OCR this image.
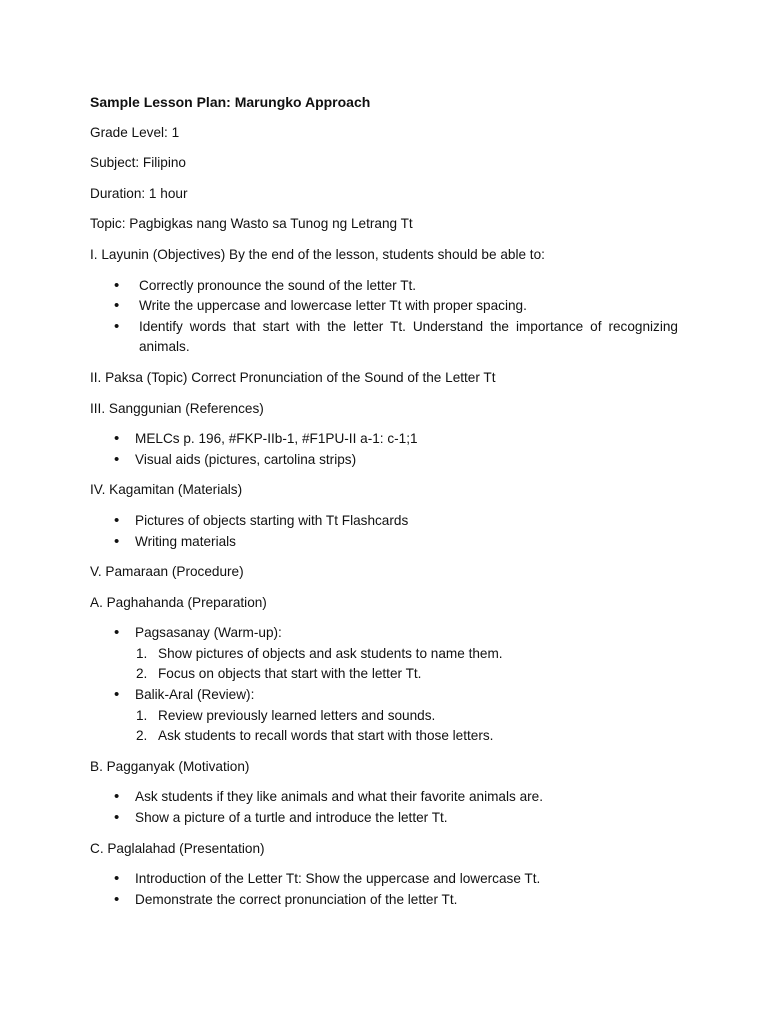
Sample Lesson Plan: Marungko Approach

Grade Level: 1

Subject: Filipino

Duration: 1 hour

Topic: Pagbigkas nang Wasto sa Tunog ng Letrang Tt

I. Layunin (Objectives) By the end of the lesson, students should be able to:

• Correctly pronounce the sound of the letter Tt.
• Write the uppercase and lowercase letter Tt with proper spacing.
• Identify words that start with the letter Tt. Understand the importance of recognizing animals.

II. Paksa (Topic) Correct Pronunciation of the Sound of the Letter Tt

III. Sanggunian (References)

• MELCs p. 196, #FKP-IIb-1, #F1PU-II a-1: c-1;1
• Visual aids (pictures, cartolina strips)

IV. Kagamitan (Materials)

• Pictures of objects starting with Tt Flashcards
• Writing materials

V. Pamaraan (Procedure)

A. Paghahanda (Preparation)

• Pagsasanay (Warm-up):
1. Show pictures of objects and ask students to name them.
2. Focus on objects that start with the letter Tt.
• Balik-Aral (Review):
1. Review previously learned letters and sounds.
2. Ask students to recall words that start with those letters.

B. Pagganyak (Motivation)

• Ask students if they like animals and what their favorite animals are.
• Show a picture of a turtle and introduce the letter Tt.

C. Paglalahad (Presentation)

• Introduction of the Letter Tt: Show the uppercase and lowercase Tt.
• Demonstrate the correct pronunciation of the letter Tt.
